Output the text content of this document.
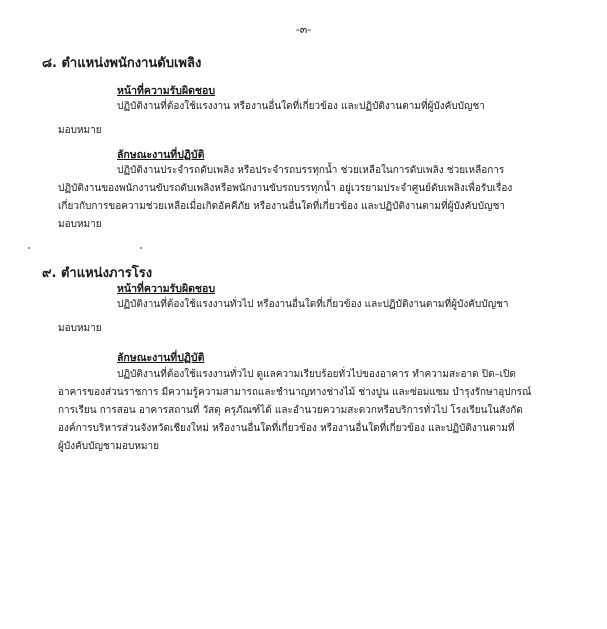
-๓-
๘. ตำแหน่งพนักงานดับเพลิง
หน้าที่ความรับผิดชอบ
ปฏิบัติงานที่ต้องใช้แรงงาน หรืองานอื่นใดที่เกี่ยวข้อง และปฏิบัติงานตามที่ผู้บังคับบัญชา
มอบหมาย
ลักษณะงานที่ปฏิบัติ
ปฏิบัติงานประจำรถดับเพลิง หรือประจำรถบรรทุกน้ำ ช่วยเหลือในการดับเพลิง ช่วยเหลือการ
ปฏิบัติงานของพนักงานขับรถดับเพลิงหรือพนักงานขับรถบรรทุกน้ำ อยู่เวรยามประจำศูนย์ดับเพลิงเพื่อรับเรื่อง
เกี่ยวกับการขอความช่วยเหลือเมื่อเกิดอัคคีภัย หรืองานอื่นใดที่เกี่ยวข้อง และปฏิบัติงานตามที่ผู้บังคับบัญชา
มอบหมาย
๙. ตำแหน่งภารโรง
หน้าที่ความรับผิดชอบ
ปฏิบัติงานที่ต้องใช้แรงงานทั่วไป หรืองานอื่นใดที่เกี่ยวข้อง และปฏิบัติงานตามที่ผู้บังคับบัญชา
มอบหมาย
ลักษณะงานที่ปฏิบัติ
ปฏิบัติงานที่ต้องใช้แรงงานทั่วไป ดูแลความเรียบร้อยทั่วไปของอาคาร ทำความสะอาด ปิด–เปิด
อาคารของส่วนราชการ มีความรู้ความสามารถและชำนาญทางช่างไม้ ช่างปูน และซ่อมแซม บำรุงรักษาอุปกรณ์
การเรียน การสอน อาคารสถานที่ วัสดุ ครุภัณฑ์ได้ และอำนวยความสะดวกหรือบริการทั่วไป โรงเรียนในสังกัด
องค์การบริหารส่วนจังหวัดเชียงใหม่ หรืองานอื่นใดที่เกี่ยวข้อง หรืองานอื่นใดที่เกี่ยวข้อง และปฏิบัติงานตามที่
ผู้บังคับบัญชามอบหมาย
